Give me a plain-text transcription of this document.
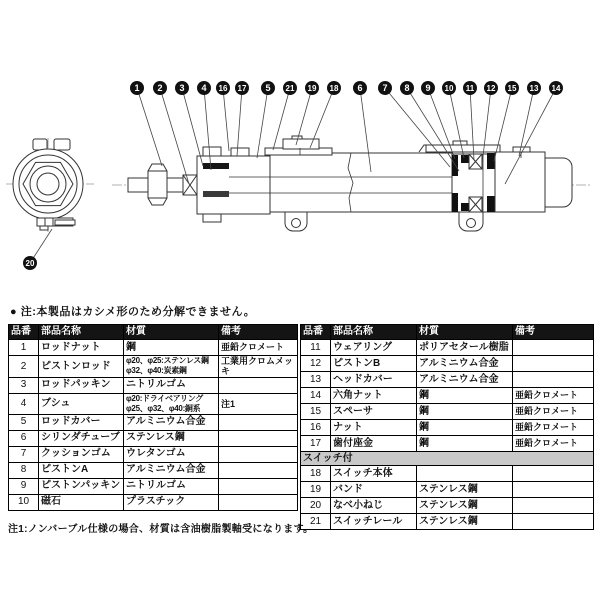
1 2 3 4 16 17 5 21 19 18 6 7 8 9 10 11 12 15 13 14
20
● 注:本製品はカシメ形のため分解できません。
注1:ノンバーブル仕様の場合、材質は含油樹脂製軸受になります。
品番	部品名称	材質	備考
1	ロッドナット	鋼	亜鉛クロメート
2	ピストンロッド	φ20、φ25:ステンレス鋼
φ32、φ40:炭素鋼	工業用クロムメッキ
3	ロッドパッキン	ニトリルゴム	
4	ブシュ	φ20:ドライベアリング
φ25、φ32、φ40:銅系	注1
5	ロッドカバー	アルミニウム合金	
6	シリンダチューブ	ステンレス鋼	
7	クッションゴム	ウレタンゴム	
8	ピストンA	アルミニウム合金	
9	ピストンパッキン	ニトリルゴム	
10	磁石	プラスチック	
品番	部品名称	材質	備考
11	ウェアリング	ポリアセタール樹脂	
12	ピストンB	アルミニウム合金	
13	ヘッドカバー	アルミニウム合金	
14	六角ナット	鋼	亜鉛クロメート
15	スペーサ	鋼	亜鉛クロメート
16	ナット	鋼	亜鉛クロメート
17	歯付座金	鋼	亜鉛クロメート
スイッチ付			
18	スイッチ本体		
19	バンド	ステンレス鋼	
20	なべ小ねじ	ステンレス鋼	
21	スイッチレール	ステンレス鋼	
